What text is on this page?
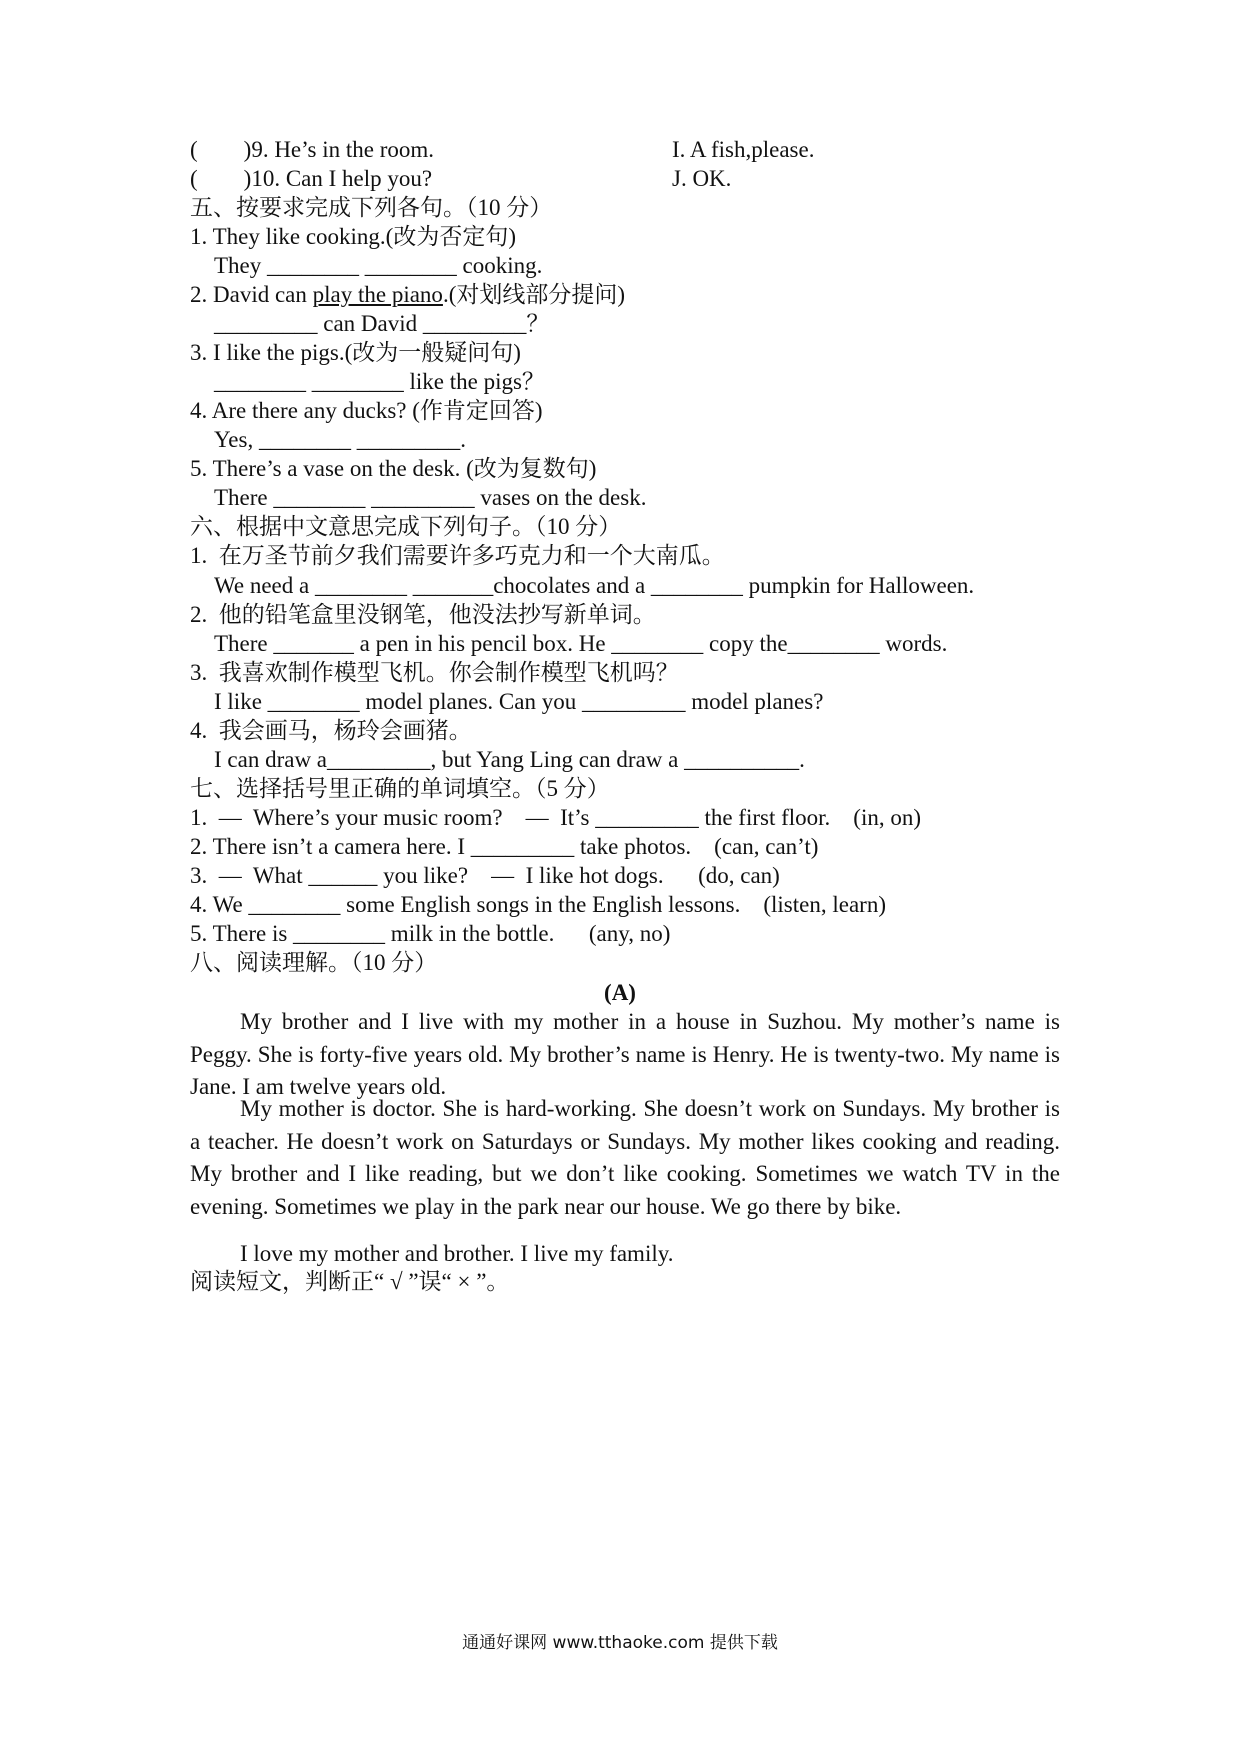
(        )9. He’s in the room.	I. A fish,please.
(        )10. Can I help you?	J. OK.
五、按要求完成下列各句。（10 分）
1. They like cooking.(改为否定句)
They ________ ________ cooking.
2. David can play the piano.(对划线部分提问)
_________ can David _________？
3. I like the pigs.(改为一般疑问句)
________ ________ like the pigs？
4. Are there any ducks? (作肯定回答)
Yes, ________ _________.
5. There’s a vase on the desk. (改为复数句)
There ________ _________ vases on the desk.
六、根据中文意思完成下列句子。（10 分）
1.  在万圣节前夕我们需要许多巧克力和一个大南瓜。
We need a ________ _______chocolates and a ________ pumpkin for Halloween.
2.  他的铅笔盒里没钢笔，他没法抄写新单词。
There _______ a pen in his pencil box. He ________ copy the________ words.
3.  我喜欢制作模型飞机。你会制作模型飞机吗？
I like ________ model planes. Can you _________ model planes?
4.  我会画马，杨玲会画猪。
I can draw a_________, but Yang Ling can draw a __________.
七、选择括号里正确的单词填空。（5 分）
1.  —  Where’s your music room?    —  It’s _________ the first floor.    (in, on)
2. There isn’t a camera here. I _________ take photos.    (can, can’t)
3.  —  What ______ you like?    —  I like hot dogs.      (do, can)
4. We ________ some English songs in the English lessons.    (listen, learn)
5. There is ________ milk in the bottle.      (any, no)
八、阅读理解。（10 分）
(A)

My brother and I live with my mother in a house in Suzhou. My mother’s name is Peggy. She is forty-five years old. My brother’s name is Henry. He is twenty-two. My name is Jane. I am twelve years old.

My mother is doctor. She is hard-working. She doesn’t work on Sundays. My brother is a teacher. He doesn’t work on Saturdays or Sundays. My mother likes cooking and reading. My brother and I like reading, but we don’t like cooking. Sometimes we watch TV in the evening. Sometimes we play in the park near our house. We go there by bike.

I love my mother and brother. I live my family.

阅读短文，判断正“ √ ”误“ × ”。
通通好课网 www.tthaoke.com 提供下载
